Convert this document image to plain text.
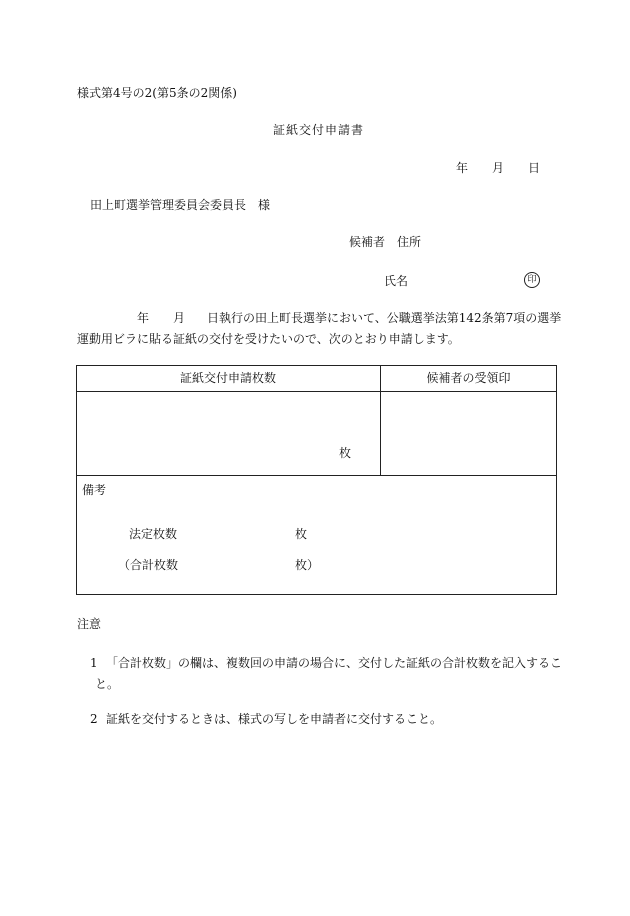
様式第4号の2(第5条の2関係)
証紙交付申請書
年 月 日
田上町選挙管理委員会委員長　様
候補者　住所
氏名	印
年 月 日執行の田上町長選挙において、公職選挙法第142条第7項の選挙
運動用ビラに貼る証紙の交付を受けたいので、次のとおり申請します。
証紙交付申請枚数	候補者の受領印
枚
備考
法定枚数	枚
（合計枚数	枚）
注意
1 「合計枚数」の欄は、複数回の申請の場合に、交付した証紙の合計枚数を記入するこ
と。
2 証紙を交付するときは、様式の写しを申請者に交付すること。
